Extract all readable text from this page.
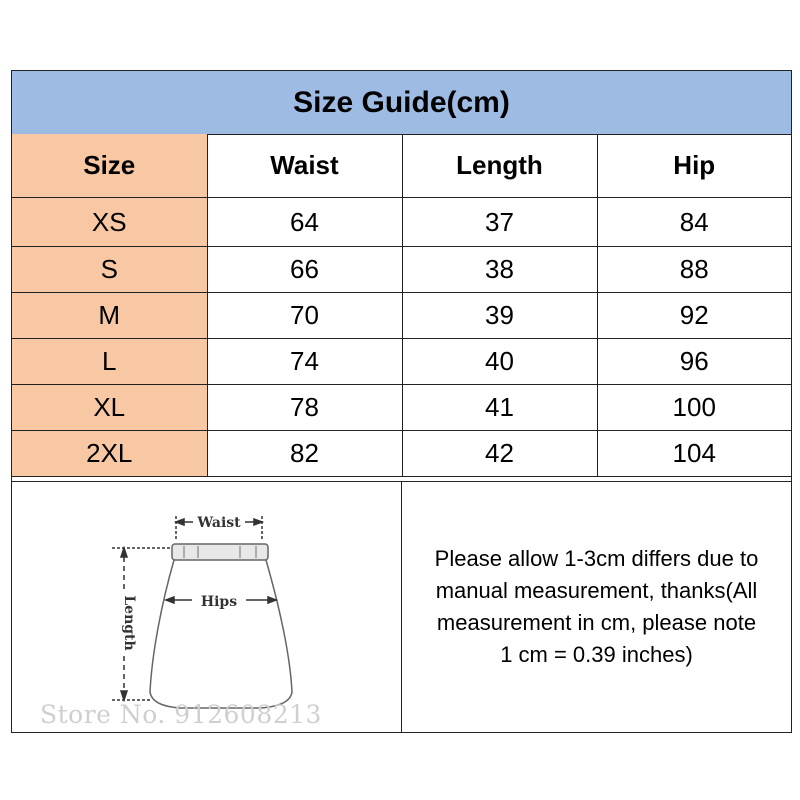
Size Guide(cm)
Size	Waist	Length	Hip
XS	64	37	84
S	66	38	88
M	70	39	92
L	74	40	96
XL	78	41	100
2XL	82	42	104
Waist
Length	Hips
Store No. 912608213
Please allow 1-3cm differs due to
manual measurement, thanks(All
measurement in cm, please note
1 cm = 0.39 inches)
